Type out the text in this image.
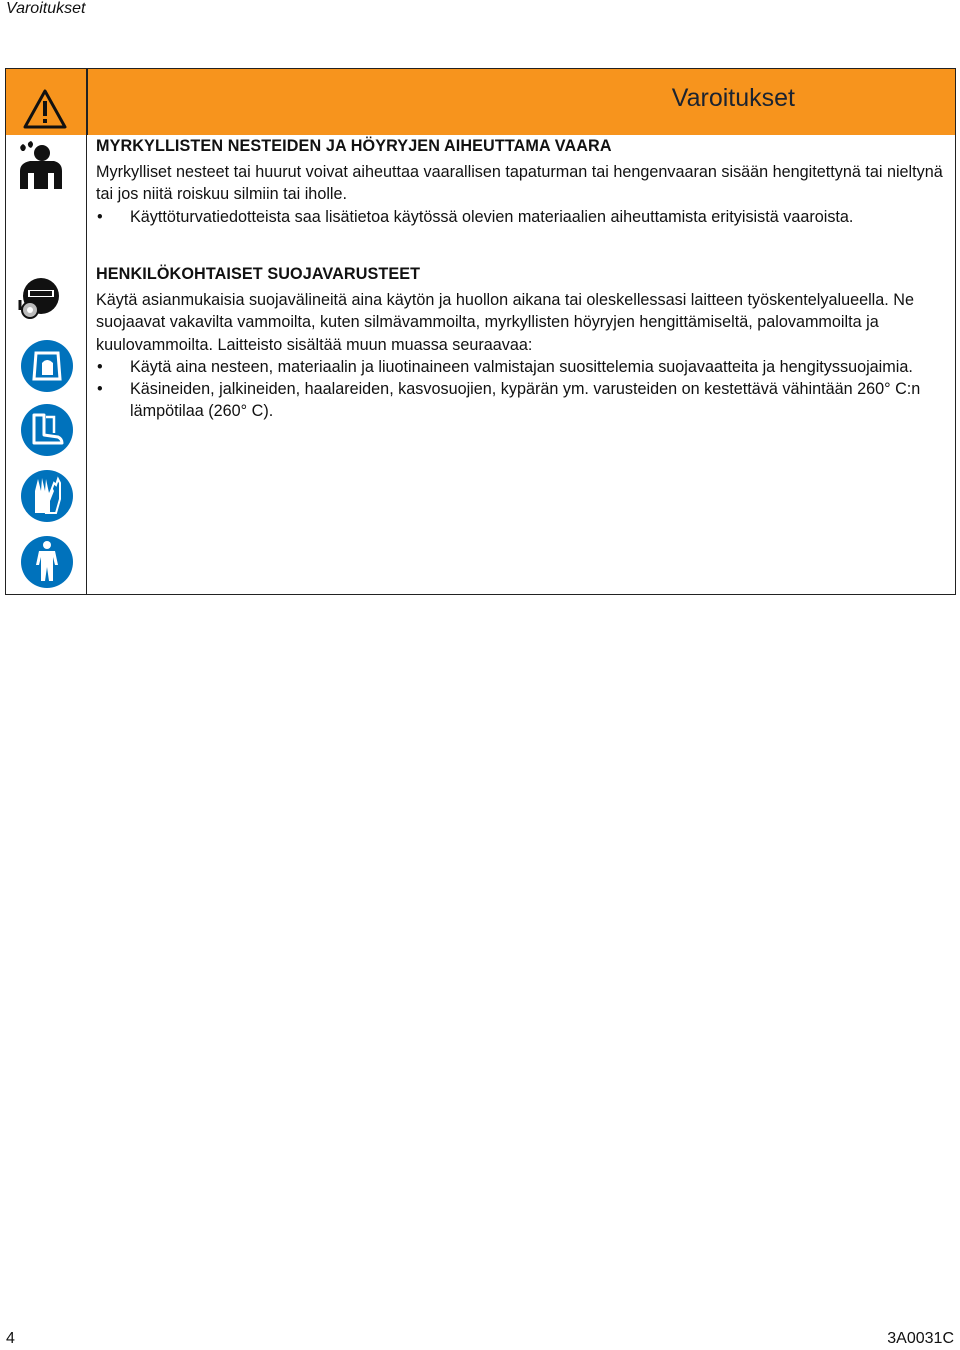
Varoitukset
Varoitukset
MYRKYLLISTEN NESTEIDEN JA HÖYRYJEN AIHEUTTAMA VAARA
Myrkylliset nesteet tai huurut voivat aiheuttaa vaarallisen tapaturman tai hengenvaaran sisään hengitettynä tai nieltynä tai jos niitä roiskuu silmiin tai iholle.
• Käyttöturvatiedotteista saa lisätietoa käytössä olevien materiaalien aiheuttamista erityisistä vaaroista.
HENKILÖKOHTAISET SUOJAVARUSTEET
Käytä asianmukaisia suojavälineitä aina käytön ja huollon aikana tai oleskellessasi laitteen työskentelyalueella. Ne suojaavat vakavilta vammoilta, kuten silmävammoilta, myrkyllisten höyryjen hengittämiseltä, palovammoilta ja kuulovammoilta. Laitteisto sisältää muun muassa seuraavaa:
• Käytä aina nesteen, materiaalin ja liuotinaineen valmistajan suosittelemia suojavaatteita ja hengityssuojaimia.
• Käsineiden, jalkineiden, haalareiden, kasvosuojien, kypärän ym. varusteiden on kestettävä vähintään 260° C:n lämpötilaa (260° C).
4	3A0031C
